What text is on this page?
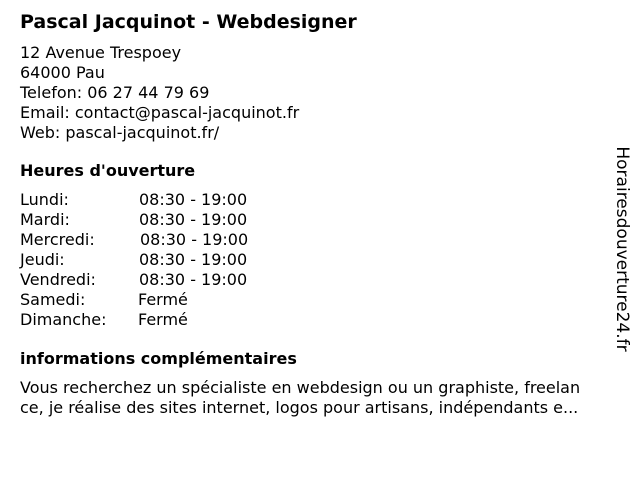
Pascal Jacquinot - Webdesigner
12 Avenue Trespoey
64000 Pau
Telefon: 06 27 44 79 69
Email: contact@pascal-jacquinot.fr
Web: pascal-jacquinot.fr/
Heures d'ouverture
Lundi:	08:30 - 19:00
Mardi:	08:30 - 19:00
Mercredi:	08:30 - 19:00
Jeudi:	08:30 - 19:00
Vendredi:	08:30 - 19:00
Samedi:	Fermé
Dimanche: Fermé
informations complémentaires
Vous recherchez un spécialiste en webdesign ou un graphiste, freelan
ce, je réalise des sites internet, logos pour artisans, indépendants e...
Horairesdouverture24.fr
